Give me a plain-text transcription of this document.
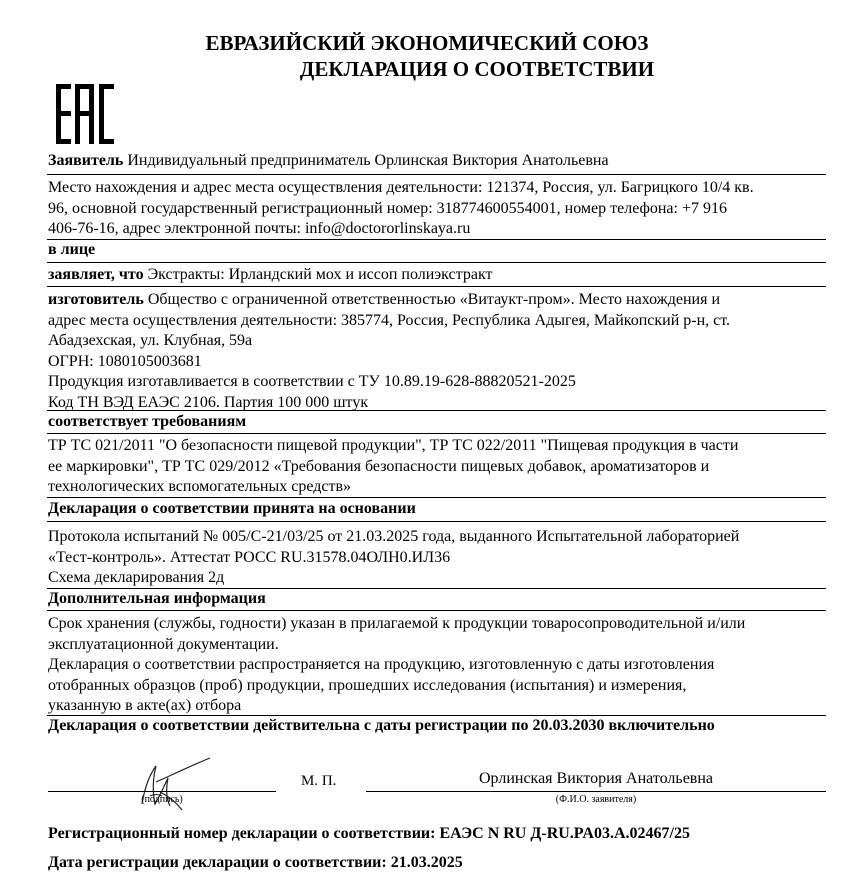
ЕВРАЗИЙСКИЙ ЭКОНОМИЧЕСКИЙ СОЮЗ
ДЕКЛАРАЦИЯ О СООТВЕТСТВИИ
Заявитель Индивидуальный предприниматель Орлинская Виктория Анатольевна
Место нахождения и адрес места осуществления деятельности: 121374, Россия, ул. Багрицкого 10/4 кв.
96, основной государственный регистрационный номер: 318774600554001, номер телефона: +7 916
406-76-16, адрес электронной почты: info@doctororlinskaya.ru
в лице
заявляет, что Экстракты: Ирландский мох и иссоп полиэкстракт
изготовитель Общество с ограниченной ответственностью «Витаукт-пром». Место нахождения и
адрес места осуществления деятельности: 385774, Россия, Республика Адыгея, Майкопский р-н, ст.
Абадзехская, ул. Клубная, 59а
ОГРН: 1080105003681
Продукция изготавливается в соответствии с ТУ 10.89.19-628-88820521-2025
Код ТН ВЭД ЕАЭС 2106. Партия 100 000 штук
соответствует требованиям
ТР ТС 021/2011 "О безопасности пищевой продукции", ТР ТС 022/2011 "Пищевая продукция в части
ее маркировки", ТР ТС 029/2012 «Требования безопасности пищевых добавок, ароматизаторов и
технологических вспомогательных средств»
Декларация о соответствии принята на основании
Протокола испытаний № 005/С-21/03/25 от 21.03.2025 года, выданного Испытательной лабораторией
«Тест-контроль». Аттестат РОСС RU.31578.04ОЛН0.ИЛ36
Схема декларирования 2д
Дополнительная информация
Срок хранения (службы, годности) указан в прилагаемой к продукции товаросопроводительной и/или
эксплуатационной документации.
Декларация о соответствии распространяется на продукцию, изготовленную с даты изготовления
отобранных образцов (проб) продукции, прошедших исследования (испытания) и измерения,
указанную в акте(ах) отбора
Декларация о соответствии действительна с даты регистрации по 20.03.2030 включительно
(подпись)
М. П.	Орлинская Виктория Анатольевна
(Ф.И.О. заявителя)
Регистрационный номер декларации о соответствии: ЕАЭС N RU Д-RU.PA03.A.02467/25
Дата регистрации декларации о соответствии: 21.03.2025
